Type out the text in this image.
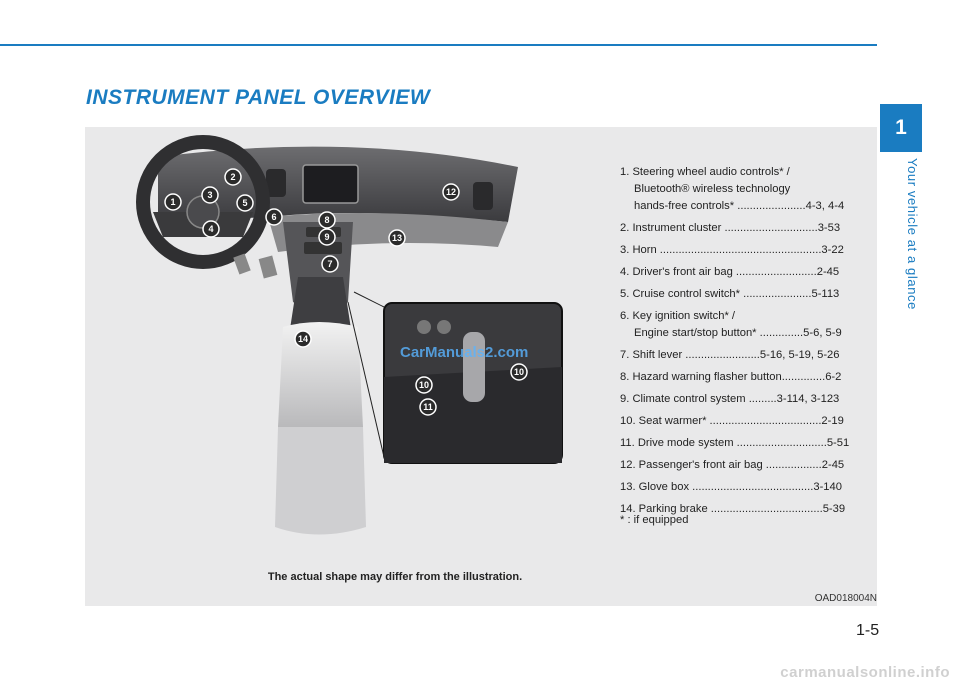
INSTRUMENT PANEL OVERVIEW
1
Your vehicle at a glance
1
2
3
4
5
6
7
8
9
10
11
12
13
14
10
CarManuals2.com
The actual shape may differ from the illustration.
OAD018004N
1. Steering wheel audio controls* /
Bluetooth® wireless technology
hands-free controls* ......................4-3, 4-4
2. Instrument cluster ..............................3-53
3. Horn ....................................................3-22
4. Driver's front air bag ..........................2-45
5. Cruise control switch* ......................5-113
6. Key ignition switch* /
Engine start/stop button* ..............5-6, 5-9
7. Shift lever ........................5-16, 5-19, 5-26
8. Hazard warning flasher button..............6-2
9. Climate control system .........3-114, 3-123
10. Seat warmer* ....................................2-19
11. Drive mode system .............................5-51
12. Passenger's front air bag ..................2-45
13. Glove box .......................................3-140
14. Parking brake ....................................5-39
* : if equipped
1-5
carmanualsonline.info
